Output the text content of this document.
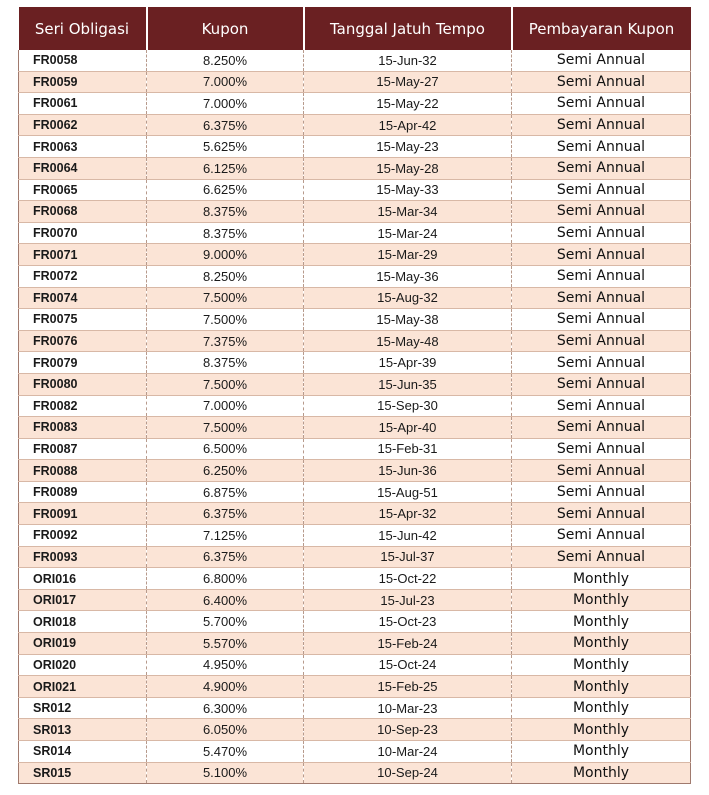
Seri Obligasi	Kupon	Tanggal Jatuh Tempo	Pembayaran Kupon
FR0058	8.250%	15-Jun-32	Semi Annual
FR0059	7.000%	15-May-27	Semi Annual
FR0061	7.000%	15-May-22	Semi Annual
FR0062	6.375%	15-Apr-42	Semi Annual
FR0063	5.625%	15-May-23	Semi Annual
FR0064	6.125%	15-May-28	Semi Annual
FR0065	6.625%	15-May-33	Semi Annual
FR0068	8.375%	15-Mar-34	Semi Annual
FR0070	8.375%	15-Mar-24	Semi Annual
FR0071	9.000%	15-Mar-29	Semi Annual
FR0072	8.250%	15-May-36	Semi Annual
FR0074	7.500%	15-Aug-32	Semi Annual
FR0075	7.500%	15-May-38	Semi Annual
FR0076	7.375%	15-May-48	Semi Annual
FR0079	8.375%	15-Apr-39	Semi Annual
FR0080	7.500%	15-Jun-35	Semi Annual
FR0082	7.000%	15-Sep-30	Semi Annual
FR0083	7.500%	15-Apr-40	Semi Annual
FR0087	6.500%	15-Feb-31	Semi Annual
FR0088	6.250%	15-Jun-36	Semi Annual
FR0089	6.875%	15-Aug-51	Semi Annual
FR0091	6.375%	15-Apr-32	Semi Annual
FR0092	7.125%	15-Jun-42	Semi Annual
FR0093	6.375%	15-Jul-37	Semi Annual
ORI016	6.800%	15-Oct-22	Monthly
ORI017	6.400%	15-Jul-23	Monthly
ORI018	5.700%	15-Oct-23	Monthly
ORI019	5.570%	15-Feb-24	Monthly
ORI020	4.950%	15-Oct-24	Monthly
ORI021	4.900%	15-Feb-25	Monthly
SR012	6.300%	10-Mar-23	Monthly
SR013	6.050%	10-Sep-23	Monthly
SR014	5.470%	10-Mar-24	Monthly
SR015	5.100%	10-Sep-24	Monthly
